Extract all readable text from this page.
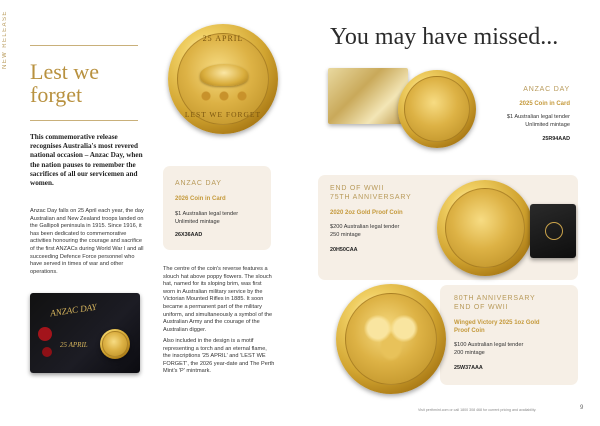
NEW RELEASE
Lest we forget
This commemorative release recognises Australia's most revered national occasion – Anzac Day, when the nation pauses to remember the sacrifices of all our servicemen and women.
Anzac Day falls on 25 April each year, the day Australian and New Zealand troops landed on the Gallipoli peninsula in 1915. Since 1916, it has been dedicated to commemorative activities honouring the courage and sacrifice of the first ANZACs during World War I and all succeeding Defence Force personnel who have served in times of war and other operations.
ANZAC DAY
25 APRIL
25 APRIL
LEST WE FORGET
ANZAC DAY
2026 Coin in Card
$1 Australian legal tender
Unlimited mintage
26X36AAD
The centre of the coin's reverse features a slouch hat above poppy flowers. The slouch hat, named for its sloping brim, was first worn in Australian military service by the Victorian Mounted Rifles in 1885. It soon became a permanent part of the military uniform, and simultaneously a symbol of the Australian Army and the courage of the Australian digger.
Also included in the design is a motif representing a torch and an eternal flame, the inscriptions '25 APRIL' and 'LEST WE FORGET', the 2026 year-date and The Perth Mint's 'P' mintmark.
You may have missed...
ANZAC DAY
2025 Coin in Card
$1 Australian legal tender
Unlimited mintage
25R94AAD
END OF WWII
75TH ANNIVERSARY
2020 2oz Gold Proof Coin
$200 Australian legal tender
250 mintage
20H50CAA
80TH ANNIVERSARY
END OF WWII
Winged Victory 2025 1oz Gold
Proof Coin
$100 Australian legal tender
200 mintage
25W37AAA
Visit perthmint.com or call 1800 308 468 for current pricing and availability.	9
